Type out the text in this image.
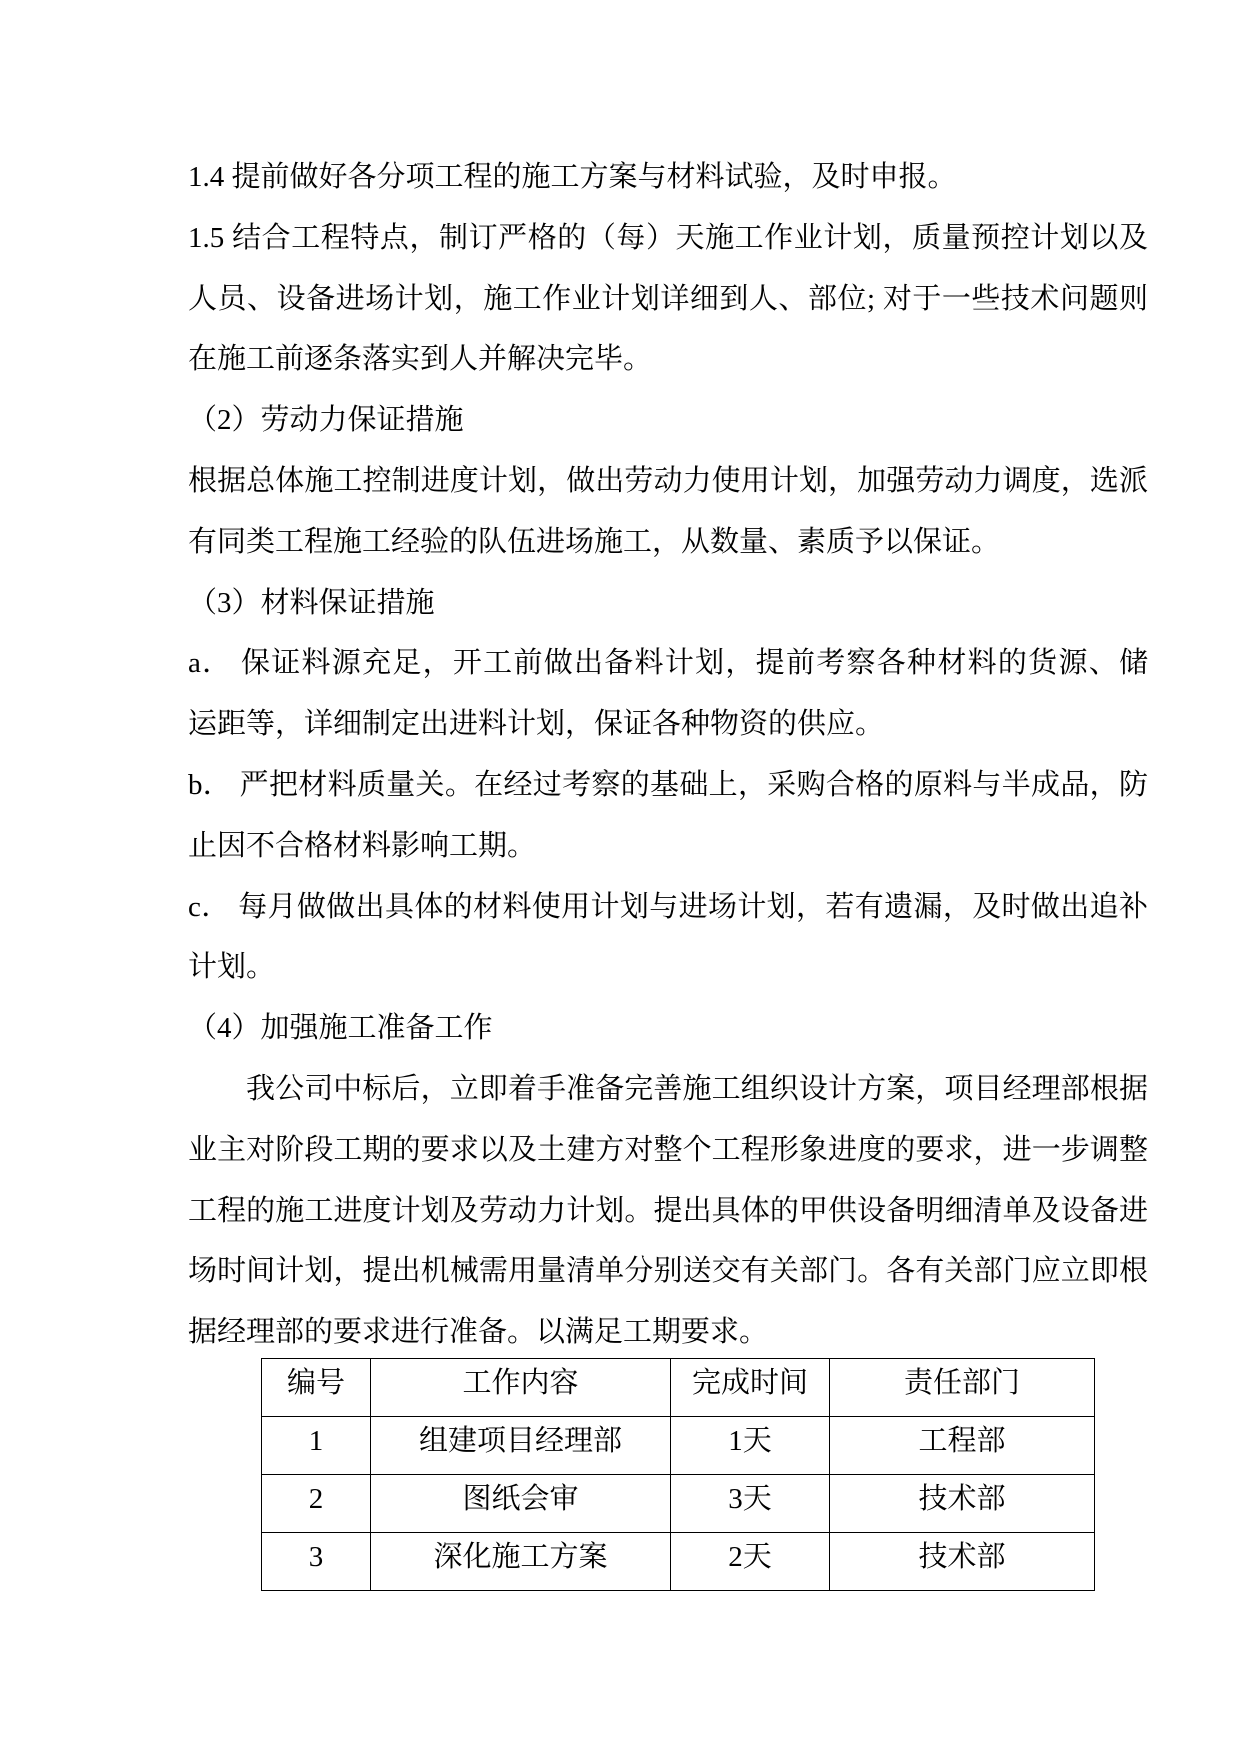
1.4 提前做好各分项工程的施工方案与材料试验，及时申报。
1.5 结合工程特点，制订严格的（每）天施工作业计划，质量预控计划以及
人员、设备进场计划，施工作业计划详细到人、部位; 对于一些技术问题则
在施工前逐条落实到人并解决完毕。
（2）劳动力保证措施
根据总体施工控制进度计划，做出劳动力使用计划，加强劳动力调度，选派
有同类工程施工经验的队伍进场施工，从数量、素质予以保证。
（3）材料保证措施
a． 保证料源充足，开工前做出备料计划，提前考察各种材料的货源、储
运距等，详细制定出进料计划，保证各种物资的供应。
b． 严把材料质量关。在经过考察的基础上，采购合格的原料与半成品，防
止因不合格材料影响工期。
c． 每月做做出具体的材料使用计划与进场计划，若有遗漏，及时做出追补
计划。
（4）加强施工准备工作
我公司中标后，立即着手准备完善施工组织设计方案，项目经理部根据
业主对阶段工期的要求以及土建方对整个工程形象进度的要求，进一步调整
工程的施工进度计划及劳动力计划。提出具体的甲供设备明细清单及设备进
场时间计划，提出机械需用量清单分别送交有关部门。各有关部门应立即根
据经理部的要求进行准备。以满足工期要求。
编号	工作内容	完成时间	责任部门
1	组建项目经理部	1天	工程部
2	图纸会审	3天	技术部
3	深化施工方案	2天	技术部
